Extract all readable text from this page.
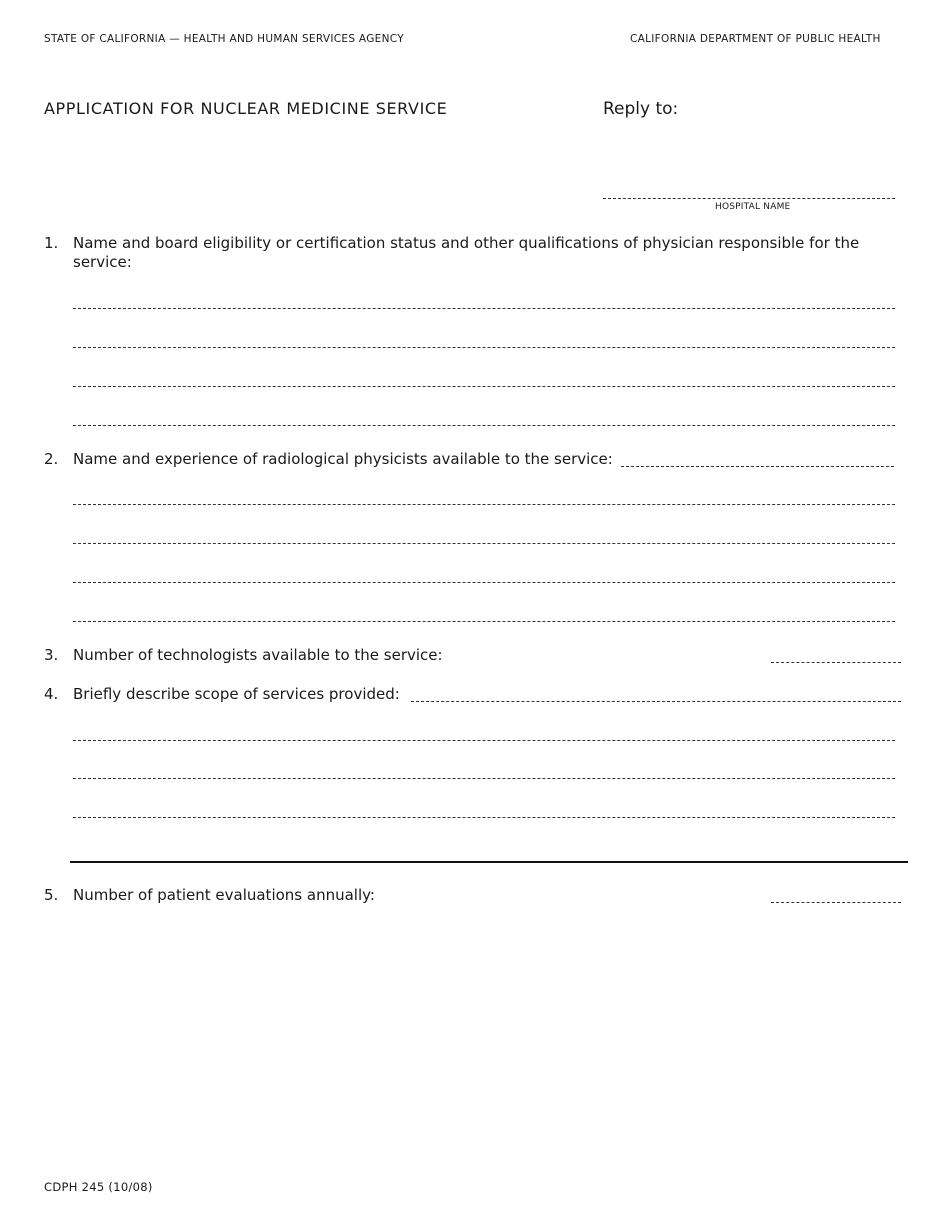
STATE OF CALIFORNIA — HEALTH AND HUMAN SERVICES AGENCY	CALIFORNIA DEPARTMENT OF PUBLIC HEALTH
APPLICATION FOR NUCLEAR MEDICINE SERVICE	Reply to:
HOSPITAL NAME
1. Name and board eligibility or certification status and other qualifications of physician responsible for the service:
2. Name and experience of radiological physicists available to the service:
3. Number of technologists available to the service:
4. Briefly describe scope of services provided:
5. Number of patient evaluations annually:
CDPH 245 (10/08)
